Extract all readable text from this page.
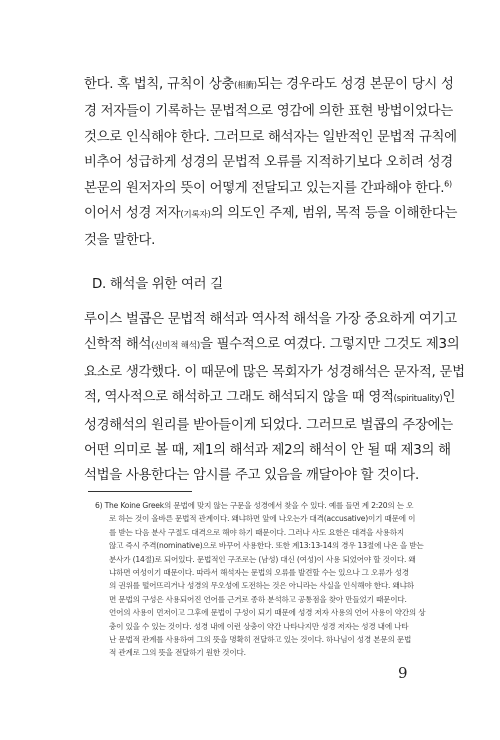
한다. 혹 법칙, 규칙이 상충(相衝)되는 경우라도 성경 본문이 당시 성
경 저자들이 기록하는 문법적으로 영감에 의한 표현 방법이었다는
것으로 인식해야 한다. 그러므로 해석자는 일반적인 문법적 규칙에
비추어 성급하게 성경의 문법적 오류를 지적하기보다 오히려 성경
본문의 원저자의 뜻이 어떻게 전달되고 있는지를 간파해야 한다.$^{6)}$
이어서 성경 저자(기록자)의 의도인 주제, 범위, 목적 등을 이해한다는
것을 말한다.
D. 해석을 위한 여러 길
루이스 벌콥은 문법적 해석과 역사적 해석을 가장 중요하게 여기고
신학적 해석(신비적 해석)을 필수적으로 여겼다. 그렇지만 그것도 제3의
요소로 생각했다. 이 때문에 많은 목회자가 성경해석은 문자적, 문법
적, 역사적으로 해석하고 그래도 해석되지 않을 때 영적(spirituality)인
성경해석의 원리를 받아들이게 되었다. 그러므로 벌콥의 주장에는
어떤 의미로 볼 때, 제1의 해석과 제2의 해석이 안 될 때 제3의 해
석법을 사용한다는 암시를 주고 있음을 깨달아야 할 것이다.
6) The Koine Greek의 문법에 맞지 않는 구문을 성경에서 찾을 수 있다. 예를 들면 계 2:20의 는 오
로 하는 것이 올바른 문법적 관계이다. 왜냐하면 앞에 나오는가 대격(accusative)이기 때문에 이
를 받는 다음 분사 구절도 대격으로 해야 하기 때문이다. 그러나 사도 요한은 대격을 사용하지
않고 즉시 주격(nominative)으로 바꾸어 사용한다. 또한 계13:13-14의 경우 13절에 나온 을 받는
분사가 (14절)로 되어있다. 문법적인 구조로는 (남성) 대신 (여성)이 사용 되었어야 할 것이다. 왜
냐하면 여성이기 때문이다. 따라서 해석자는 문법의 오류를 발견할 수는 있으나 그 오류가 성경
의 권위를 떨어뜨리거나 성경의 무오성에 도전하는 것은 아니라는 사실을 인식해야 한다. 왜냐하
면 문법의 구성은 사용되어진 언어를 근거로 종하 분석하고 공통점을 찾아 만들었기 때문이다.
언어의 사용이 먼저이고 그후에 문법이 구성이 되기 때문에 성경 저자 사용의 언어 사용이 약간의 상
충이 있을 수 있는 것이다. 성경 내에 이런 상충이 약간 나타나지만 성경 저자는 성경 내에 나타
난 문법적 관계를 사용하여 그의 뜻을 명확히 전달하고 있는 것이다. 하나님이 성경 본문의 문법
적 관계로 그의 뜻을 전달하기 원한 것이다.
9
